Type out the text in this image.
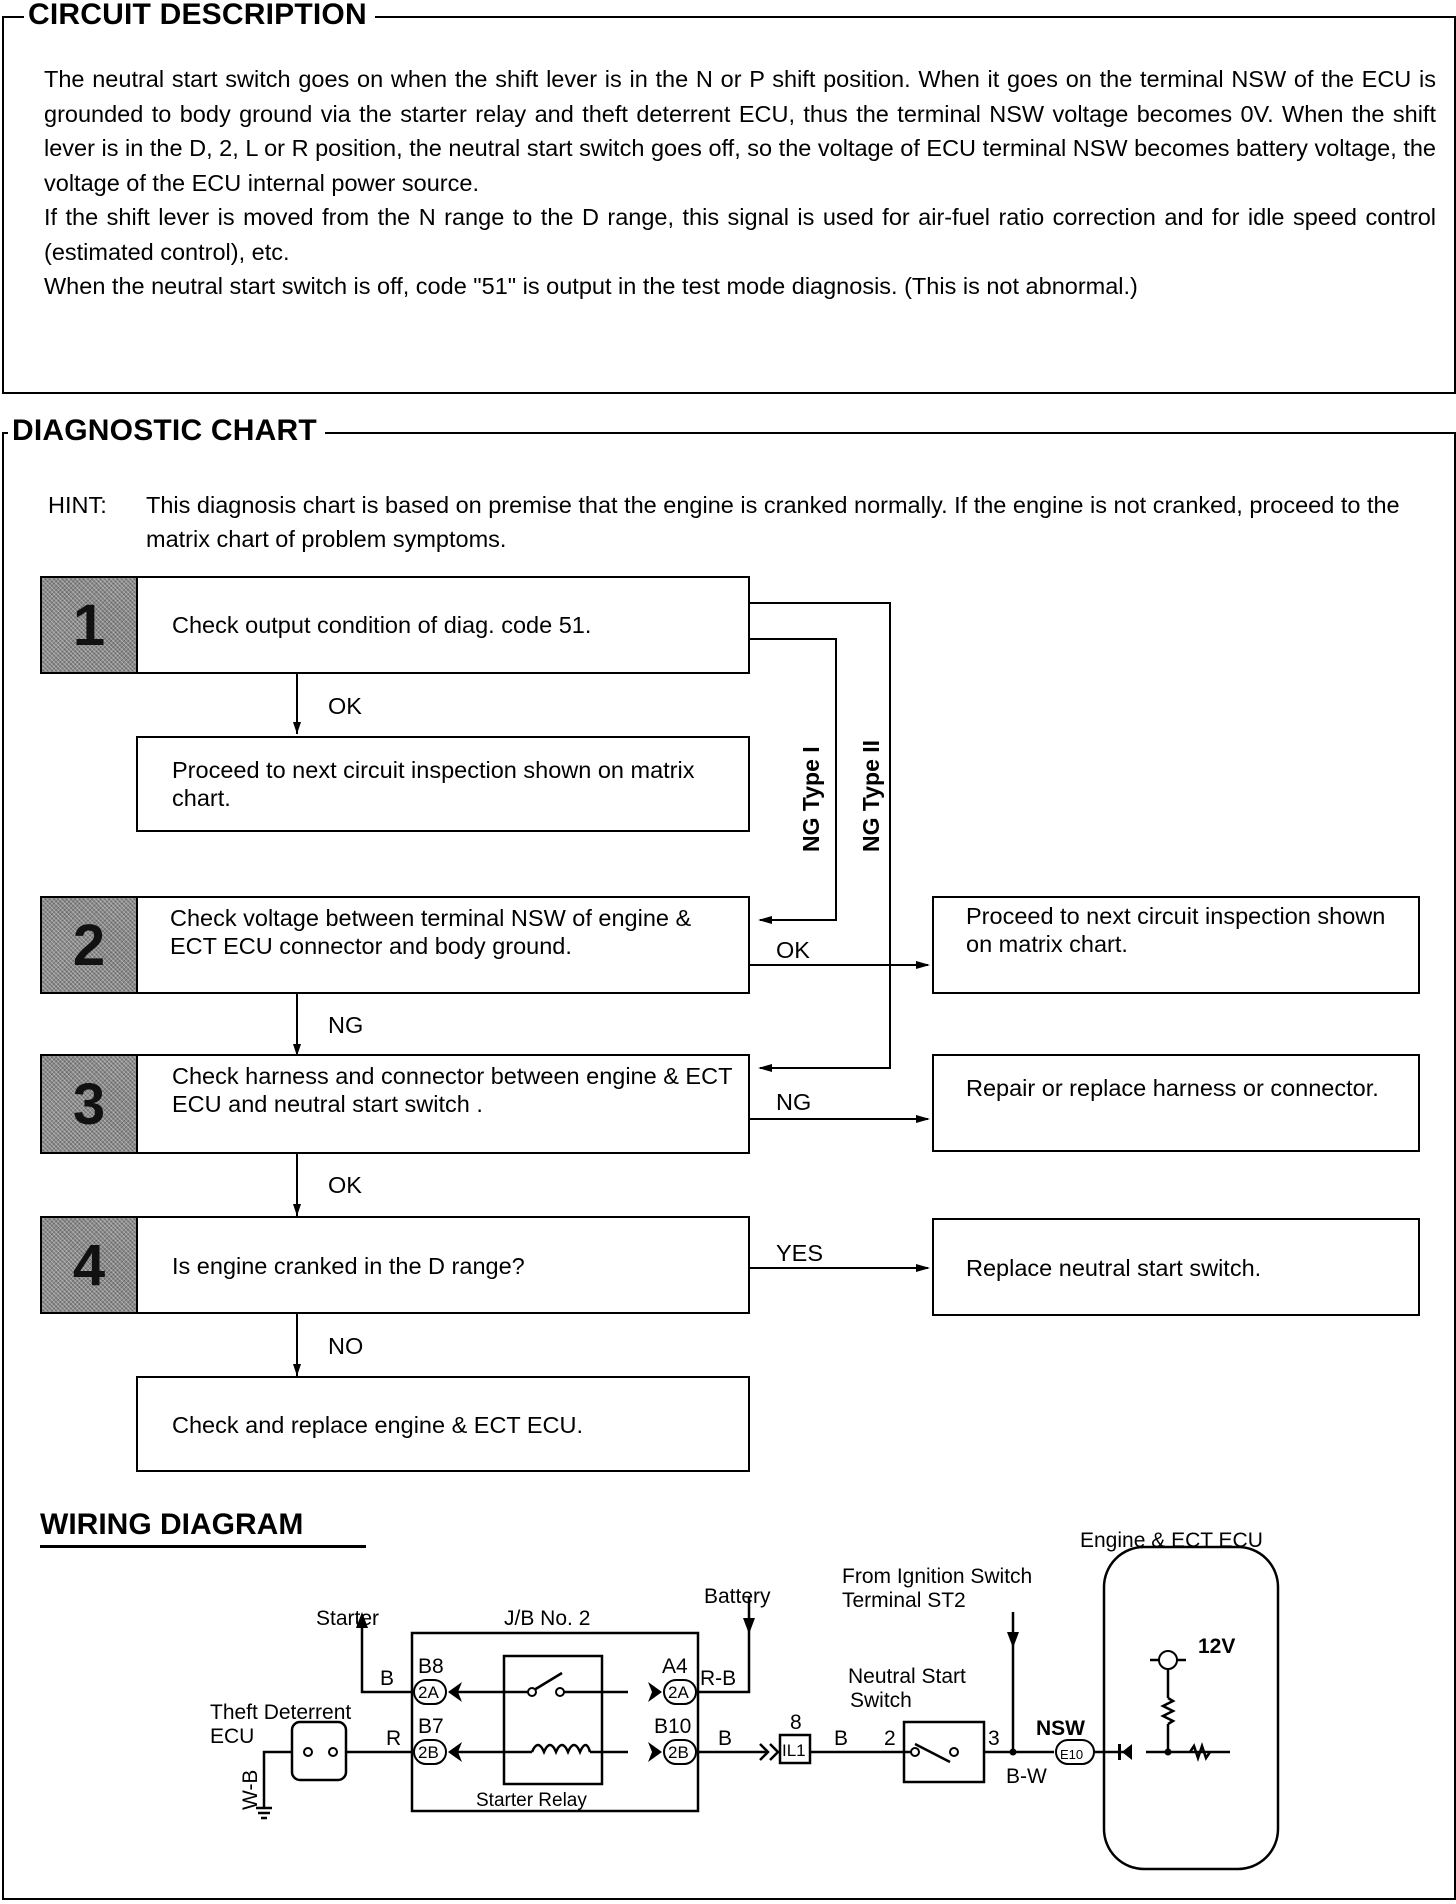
CIRCUIT DESCRIPTION

The neutral start switch goes on when the shift lever is in the N or P shift position. When it goes on the terminal NSW of the ECU is grounded to body ground via the starter relay and theft deterrent ECU, thus the terminal NSW voltage becomes 0V. When the shift lever is in the D, 2, L or R position, the neutral start switch goes off, so the voltage of ECU terminal NSW becomes battery voltage, the voltage of the ECU internal power source.

If the shift lever is moved from the N range to the D range, this signal is used for air-fuel ratio correction and for idle speed control (estimated control), etc.

When the neutral start switch is off, code "51" is output in the test mode diagnosis. (This is not abnormal.)

DIAGNOSTIC CHART
HINT: This diagnosis chart is based on premise that the engine is cranked normally. If the engine is not cranked, proceed to the matrix chart of problem symptoms.
1	Check output condition of diag. code 51.
OK
Proceed to next circuit inspection shown on matrix chart.	NG Type I NG Type II
2	Check voltage between terminal NSW of engine & ECT ECU connector and body ground.	OK
NG
Proceed to next circuit inspection shown on matrix chart.
3	Check harness and connector between engine & ECT ECU and neutral start switch .	NG
OK
Repair or replace harness or connector.
4	Is engine cranked in the D range?	YES
NO
Replace neutral start switch.
Check and replace engine & ECT ECU.
WIRING DIAGRAM
Starter
Battery
J/B No. 2
Theft Deterrent
ECU
W-B
R
B
B8
B7
A4
B10
2A
2B
2A
2B
R-B
B
Starter Relay
8
IL1
B 2	3
Neutral Start
Switch
From Ignition Switch
Terminal ST2
B-W
NSW
E10
Engine & ECT ECU
12V
